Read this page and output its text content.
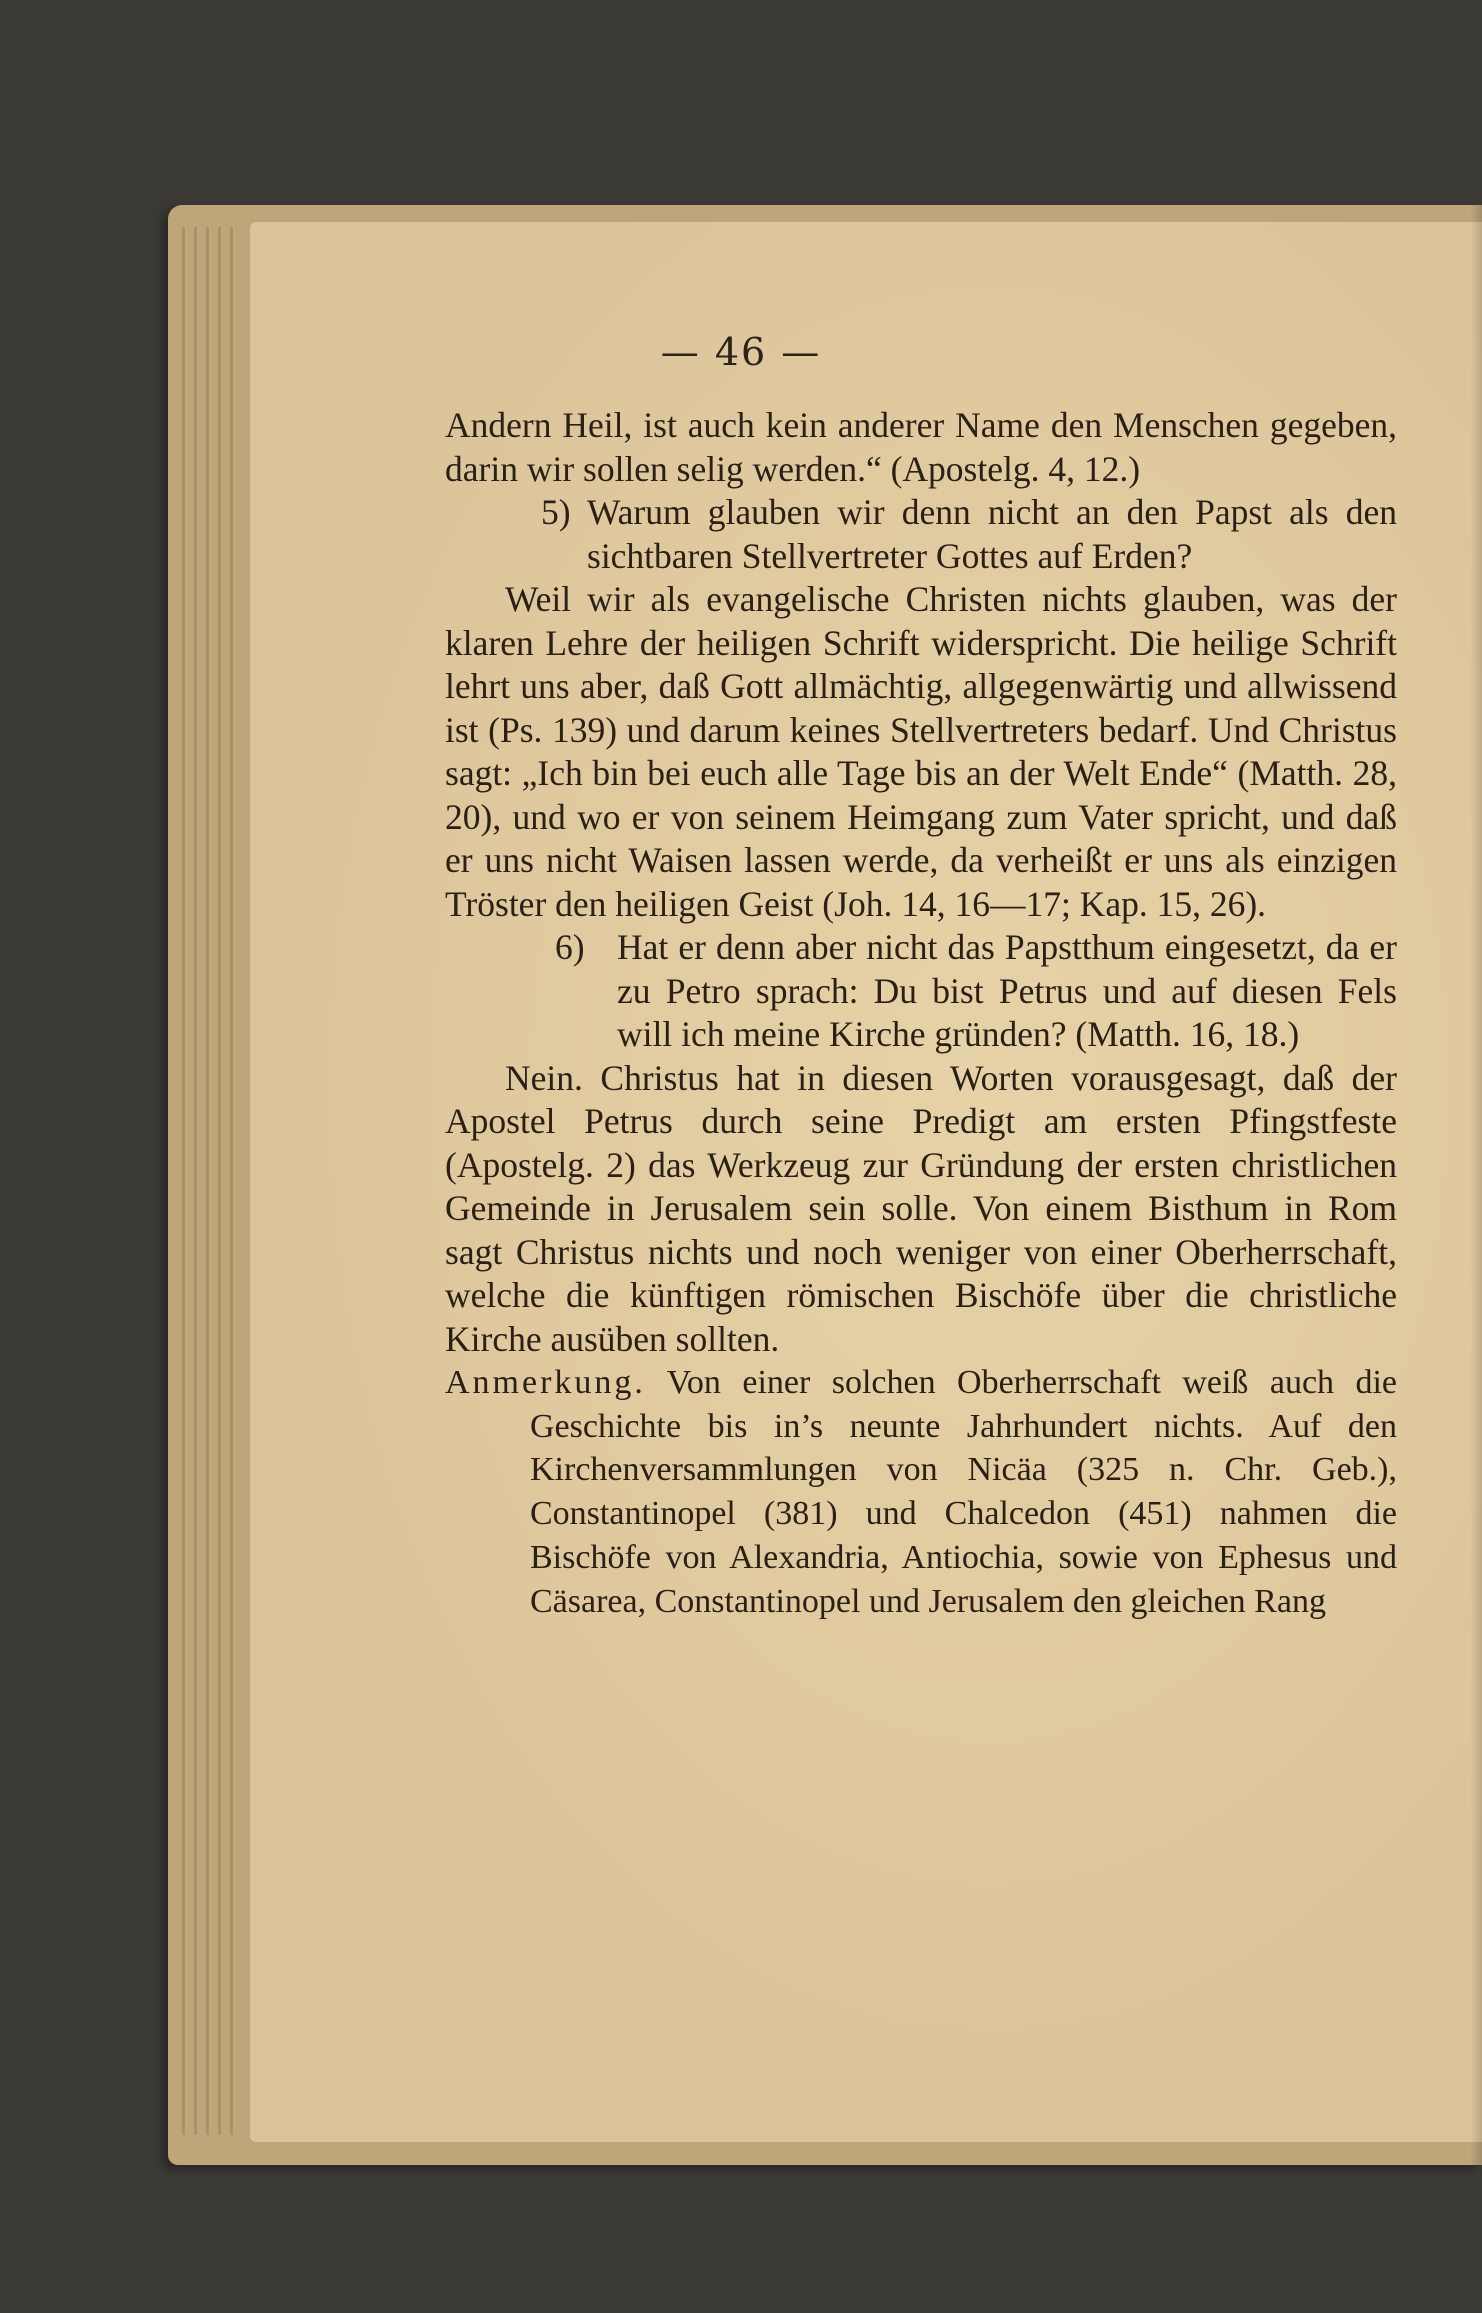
— 46 —

Andern Heil, ist auch kein anderer Name den Menschen gegeben, darin wir sollen selig werden.“ (Apostelg. 4, 12.)

5) Warum glauben wir denn nicht an den Papst als den sichtbaren Stellvertreter Gottes auf Erden?

Weil wir als evangelische Christen nichts glauben, was der klaren Lehre der heiligen Schrift widerspricht. Die heilige Schrift lehrt uns aber, daß Gott allmächtig, allgegenwärtig und allwissend ist (Ps. 139) und darum keines Stellvertreters bedarf. Und Christus sagt: „Ich bin bei euch alle Tage bis an der Welt Ende“ (Matth. 28, 20), und wo er von seinem Heimgang zum Vater spricht, und daß er uns nicht Waisen lassen werde, da verheißt er uns als einzigen Tröster den heiligen Geist (Joh. 14, 16—17; Kap. 15, 26).

6) Hat er denn aber nicht das Papstthum eingesetzt, da er zu Petro sprach: Du bist Petrus und auf diesen Fels will ich meine Kirche gründen? (Matth. 16, 18.)

Nein. Christus hat in diesen Worten vorausgesagt, daß der Apostel Petrus durch seine Predigt am ersten Pfingstfeste (Apostelg. 2) das Werkzeug zur Gründung der ersten christlichen Gemeinde in Jerusalem sein solle. Von einem Bisthum in Rom sagt Christus nichts und noch weniger von einer Oberherrschaft, welche die künftigen römischen Bischöfe über die christliche Kirche ausüben sollten.

Anmerkung. Von einer solchen Oberherrschaft weiß auch die Geschichte bis in’s neunte Jahrhundert nichts. Auf den Kirchenversammlungen von Nicäa (325 n. Chr. Geb.), Constantinopel (381) und Chalcedon (451) nahmen die Bischöfe von Alexandria, Antiochia, sowie von Ephesus und Cäsarea, Constantinopel und Jerusalem den gleichen Rang
